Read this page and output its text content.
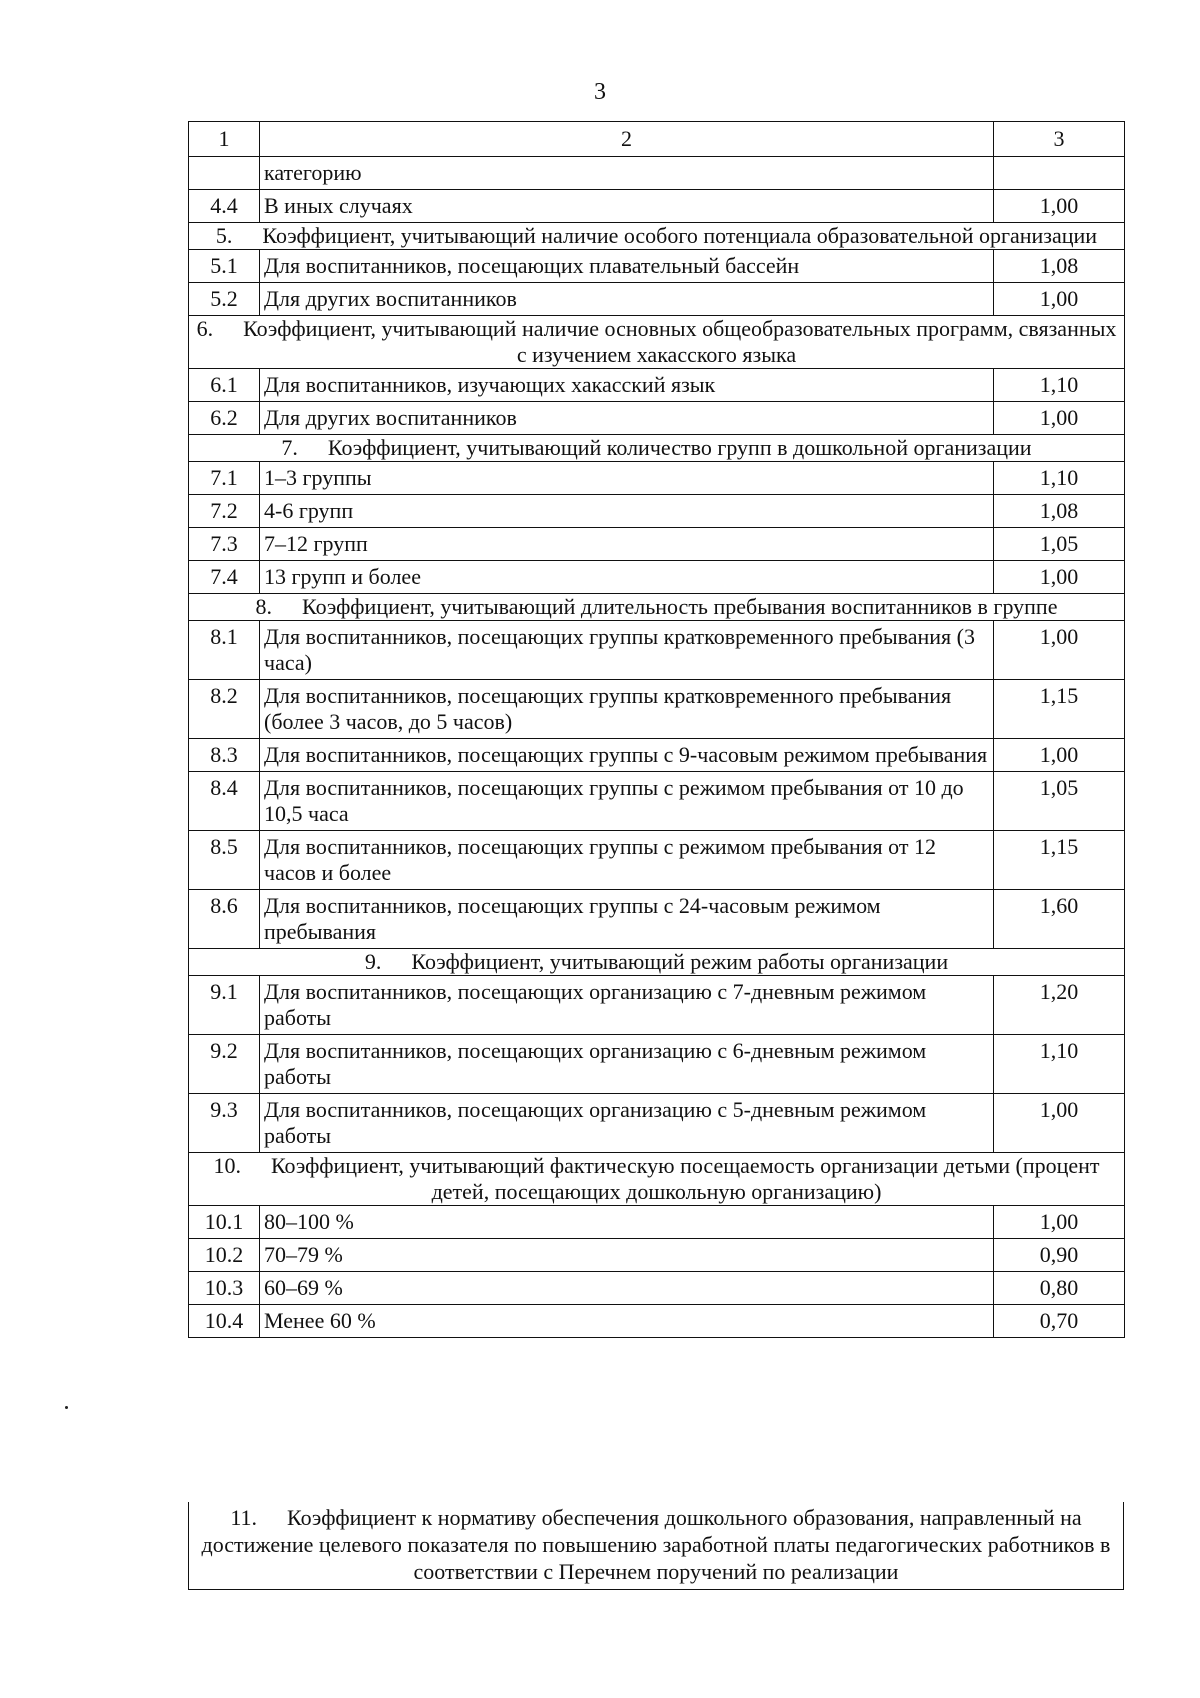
3
1	2	3
	категорию	
4.4	В иных случаях	1,00
5. Коэффициент, учитывающий наличие особого потенциала образовательной организации		
5.1	Для воспитанников, посещающих плавательный бассейн	1,08
5.2	Для других воспитанников	1,00
6. Коэффициент, учитывающий наличие основных общеобразовательных программ, связанных с изучением хакасского языка		
6.1	Для воспитанников, изучающих хакасский язык	1,10
6.2	Для других воспитанников	1,00
7. Коэффициент, учитывающий количество групп в дошкольной организации		
7.1	1–3 группы	1,10
7.2	4-6 групп	1,08
7.3	7–12 групп	1,05
7.4	13 групп и более	1,00
8. Коэффициент, учитывающий длительность пребывания воспитанников в группе		
8.1	Для воспитанников, посещающих группы кратковременного пребывания (3 часа)	1,00
8.2	Для воспитанников, посещающих группы кратковременного пребывания (более 3 часов, до 5 часов)	1,15
8.3	Для воспитанников, посещающих группы с 9-часовым режимом пребывания	1,00
8.4	Для воспитанников, посещающих группы с режимом пребывания от 10 до 10,5 часа	1,05
8.5	Для воспитанников, посещающих группы с режимом пребывания от 12 часов и более	1,15
8.6	Для воспитанников, посещающих группы с 24-часовым режимом пребывания	1,60
9. Коэффициент, учитывающий режим работы организации		
9.1	Для воспитанников, посещающих организацию с 7-дневным режимом работы	1,20
9.2	Для воспитанников, посещающих организацию с 6-дневным режимом работы	1,10
9.3	Для воспитанников, посещающих организацию с 5-дневным режимом работы	1,00
10. Коэффициент, учитывающий фактическую посещаемость организации детьми (процент детей, посещающих дошкольную организацию)		
10.1	80–100 %	1,00
10.2	70–79 %	0,90
10.3	60–69 %	0,80
10.4	Менее 60 %	0,70
11. Коэффициент к нормативу обеспечения дошкольного образования, направленный на достижение целевого показателя по повышению заработной платы педагогических работников в соответствии с Перечнем поручений по реализации
